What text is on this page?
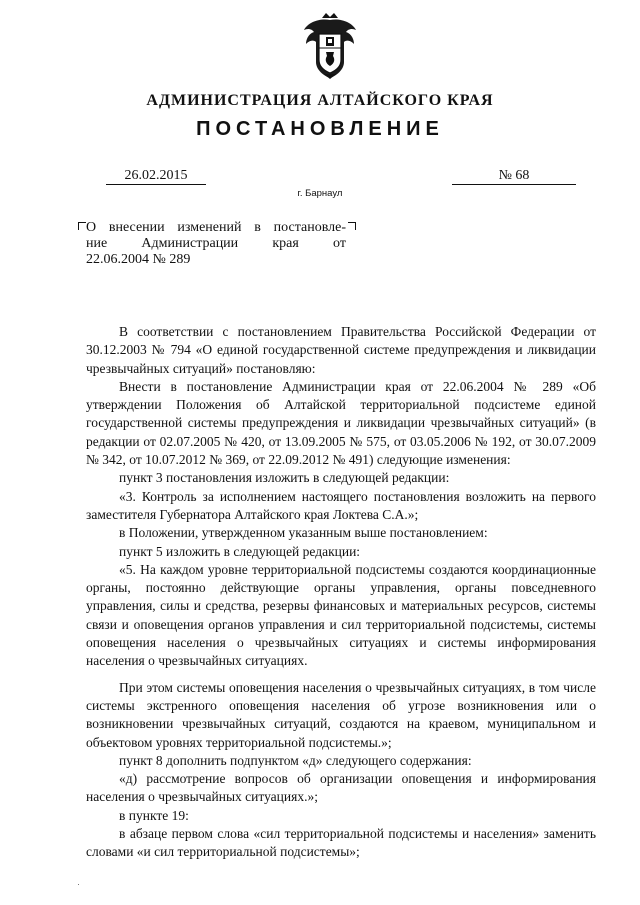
АДМИНИСТРАЦИЯ АЛТАЙСКОГО КРАЯ
ПОСТАНОВЛЕНИЕ
26.02.2015	№ 68
г. Барнаул
О внесении изменений в постановле-
ние Администрации края от
22.06.2004 № 289

В соответствии с постановлением Правительства Российской Федерации от 30.12.2003 № 794 «О единой государственной системе предупреждения и ликвидации чрезвычайных ситуаций» постановляю:

Внести в постановление Администрации края от 22.06.2004 № 289 «Об утверждении Положения об Алтайской территориальной подсистеме единой государственной системы предупреждения и ликвидации чрезвычайных ситуаций» (в редакции от 02.07.2005 № 420, от 13.09.2005 № 575, от 03.05.2006 № 192, от 30.07.2009 № 342, от 10.07.2012 № 369, от 22.09.2012 № 491) следующие изменения:

пункт 3 постановления изложить в следующей редакции:

«3. Контроль за исполнением настоящего постановления возложить на первого заместителя Губернатора Алтайского края Локтева С.А.»;

в Положении, утвержденном указанным выше постановлением:

пункт 5 изложить в следующей редакции:

«5. На каждом уровне территориальной подсистемы создаются координационные органы, постоянно действующие органы управления, органы повседневного управления, силы и средства, резервы финансовых и материальных ресурсов, системы связи и оповещения органов управления и сил территориальной подсистемы, системы оповещения населения о чрезвычайных ситуациях и системы информирования населения о чрезвычайных ситуациях.

При этом системы оповещения населения о чрезвычайных ситуациях, в том числе системы экстренного оповещения населения об угрозе возникновения или о возникновении чрезвычайных ситуаций, создаются на краевом, муниципальном и объектовом уровнях территориальной подсистемы.»;

пункт 8 дополнить подпунктом «д» следующего содержания:

«д) рассмотрение вопросов об организации оповещения и информирования населения о чрезвычайных ситуациях.»;

в пункте 19:

в абзаце первом слова «сил территориальной подсистемы и населения» заменить словами «и сил территориальной подсистемы»;
